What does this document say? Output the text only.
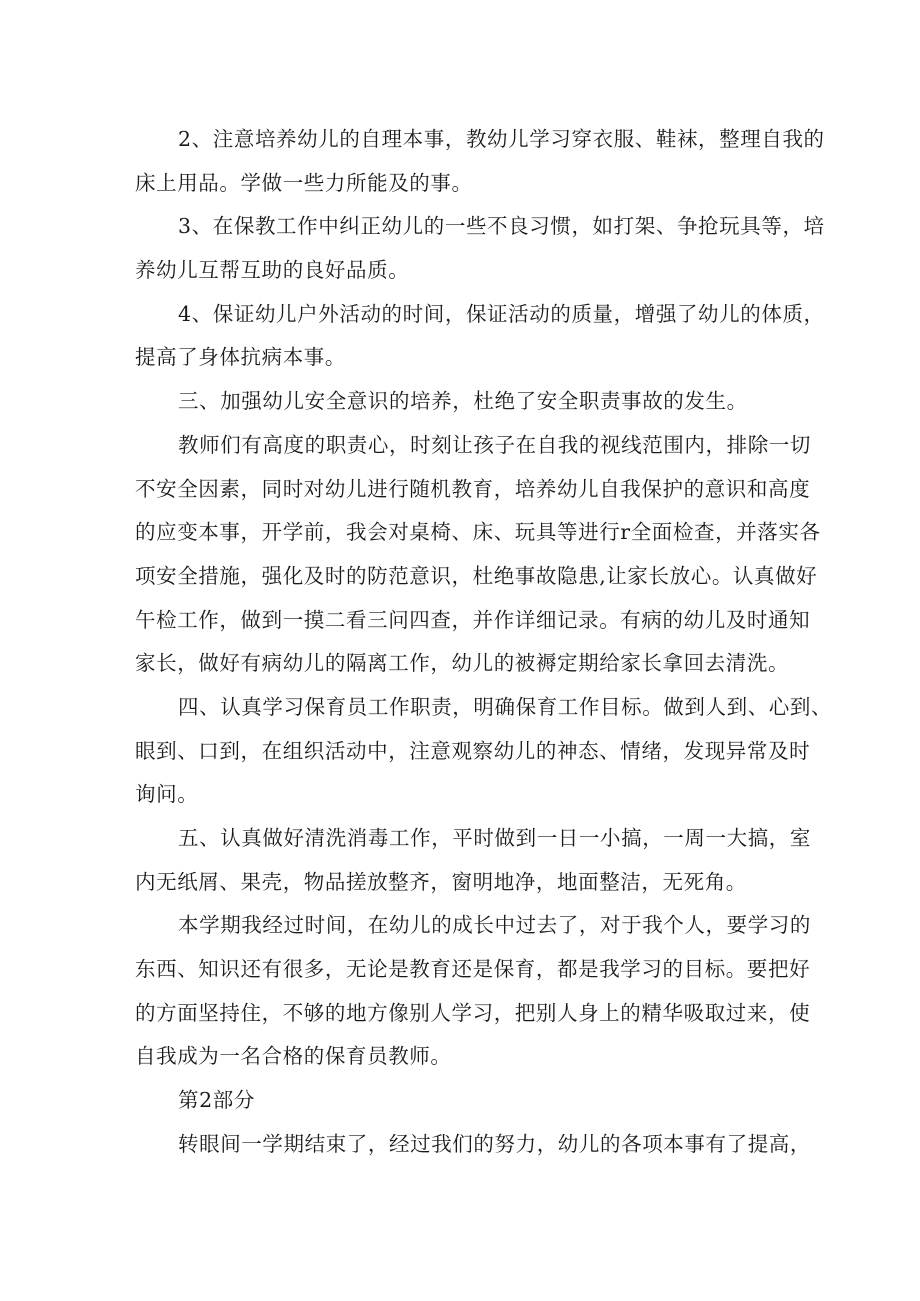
2、注意培养幼儿的自理本事，教幼儿学习穿衣服、鞋袜，整理自我的
床上用品。学做一些力所能及的事。
3、在保教工作中纠正幼儿的一些不良习惯，如打架、争抢玩具等，培
养幼儿互帮互助的良好品质。
4、保证幼儿户外活动的时间，保证活动的质量，增强了幼儿的体质，
提高了身体抗病本事。
三、加强幼儿安全意识的培养，杜绝了安全职责事故的发生。
教师们有高度的职责心，时刻让孩子在自我的视线范围内，排除一切
不安全因素，同时对幼儿进行随机教育，培养幼儿自我保护的意识和高度
的应变本事，开学前，我会对桌椅、床、玩具等进行r全面检查，并落实各
项安全措施，强化及时的防范意识，杜绝事故隐患,让家长放心。认真做好
午检工作，做到一摸二看三问四查，并作详细记录。有病的幼儿及时通知
家长，做好有病幼儿的隔离工作，幼儿的被褥定期给家长拿回去清洗。
四、认真学习保育员工作职责，明确保育工作目标。做到人到、心到、
眼到、口到，在组织活动中，注意观察幼儿的神态、情绪，发现异常及时
询问。
五、认真做好清洗消毒工作，平时做到一日一小搞，一周一大搞，室
内无纸屑、果壳，物品搓放整齐，窗明地净，地面整洁，无死角。
本学期我经过时间，在幼儿的成长中过去了，对于我个人，要学习的
东西、知识还有很多，无论是教育还是保育，都是我学习的目标。要把好
的方面坚持住，不够的地方像别人学习，把别人身上的精华吸取过来，使
自我成为一名合格的保育员教师。
第2部分
转眼间一学期结束了，经过我们的努力，幼儿的各项本事有了提高，
